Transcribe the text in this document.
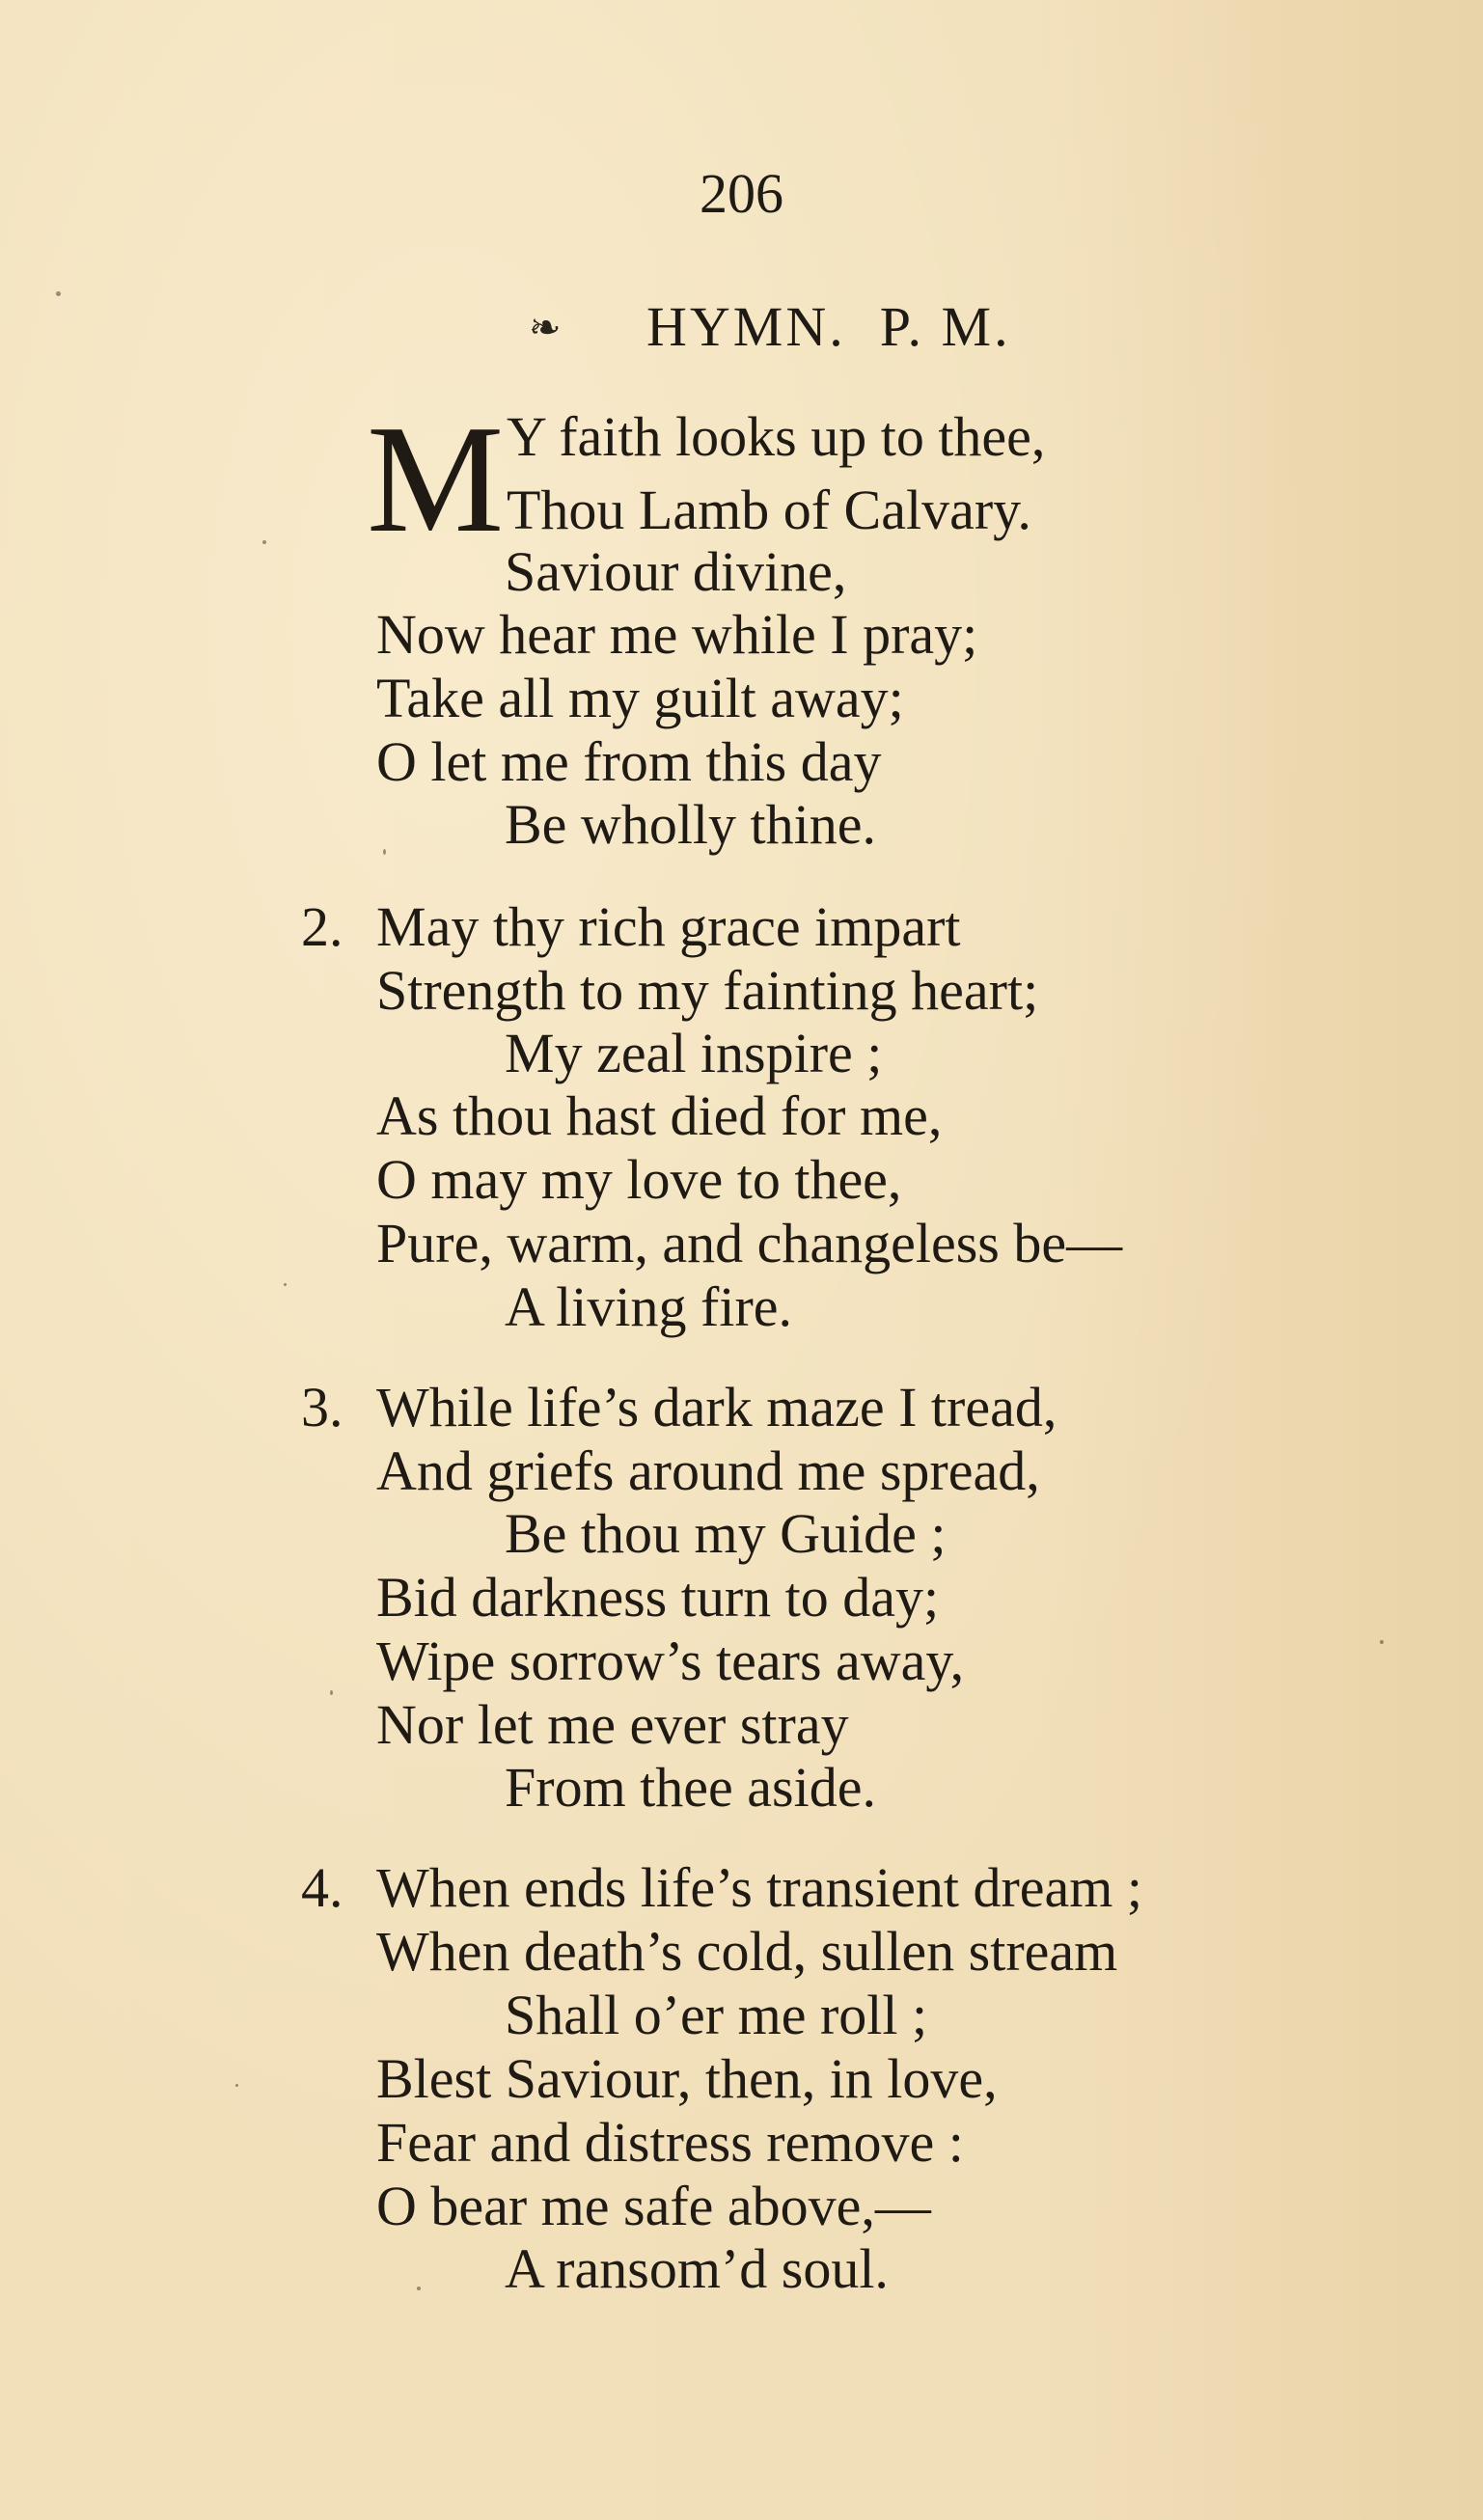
206
❧ HYMN.  P. M.
M Y faith looks up to thee,
Thou Lamb of Calvary.
Saviour divine,
Now hear me while I pray;
Take all my guilt away;
O let me from this day
Be wholly thine.
2. May thy rich grace impart
Strength to my fainting heart;
My zeal inspire ;
As thou hast died for me,
O may my love to thee,
Pure, warm, and changeless be—
A living fire.
3. While life’s dark maze I tread,
And griefs around me spread,
Be thou my Guide ;
Bid darkness turn to day;
Wipe sorrow’s tears away,
Nor let me ever stray
From thee aside.
4. When ends life’s transient dream ;
When death’s cold, sullen stream
Shall o’er me roll ;
Blest Saviour, then, in love,
Fear and distress remove :
O bear me safe above,—
A ransom’d soul.
